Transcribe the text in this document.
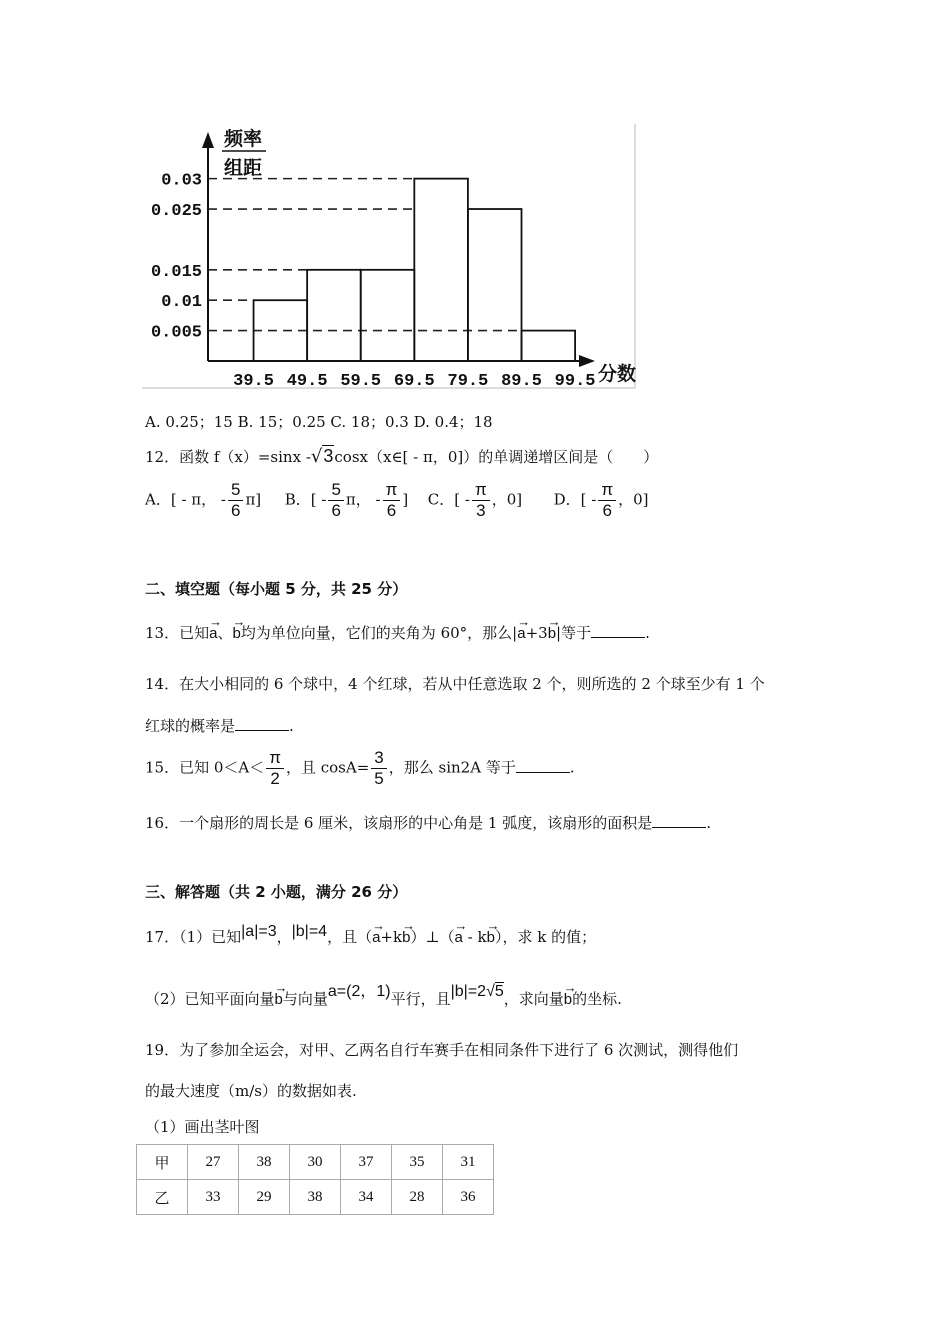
0.03
0.025
0.015
0.01
0.005
39.5 49.5 59.5 69.5 79.5 89.5 99.5
频率
组距
分数
A. 0.25；15 B. 15；0.25 C. 18；0.3 D. 0.4；18
12．函数 f（x）=sinx -√3cosx（x∈[ - π，0]）的单调递增区间是（　　）
A．[ - π， - $\frac{5}{6} \pi$] B．[ - $\frac{5}{6}$ π， - $\frac{\pi}{6}$ ] C．[ - $\frac{\pi}{3}$ ，0] D．[ - $\frac{\pi}{6}$ ，0]
二、填空题（每小题 5 分，共 25 分）
13．已知→ a、→ b均为单位向量，它们的夹角为 60°，那么|→ a+3→ b|等于	.
14．在大小相同的 6 个球中，4 个红球，若从中任意选取 2 个，则所选的 2 个球至少有 1 个
红球的概率是	.
15．已知 $0<A< \frac{\pi}{2}$ ，且 $\cos A= \frac{3}{5}$ ，那么 sin2A 等于	.
16．一个扇形的周长是 6 厘米，该扇形的中心角是 1 弧度，该扇形的面积是	.
三、解答题（共 2 小题，满分 26 分）
17．（1）已知|a|=3，|b|=4，且（→ a+k→ b）⊥（→ a - k→ b），求 k 的值；
（2）已知平面向量→ b与向量a=(2，1)平行，且|b|=2√5，求向量→ b的坐标.
19．为了参加全运会，对甲、乙两名自行车赛手在相同条件下进行了 6 次测试，测得他们
的最大速度（m/s）的数据如表.
（1）画出茎叶图
甲	27	38	30	37	35	31
乙	33	29	38	34	28	36
